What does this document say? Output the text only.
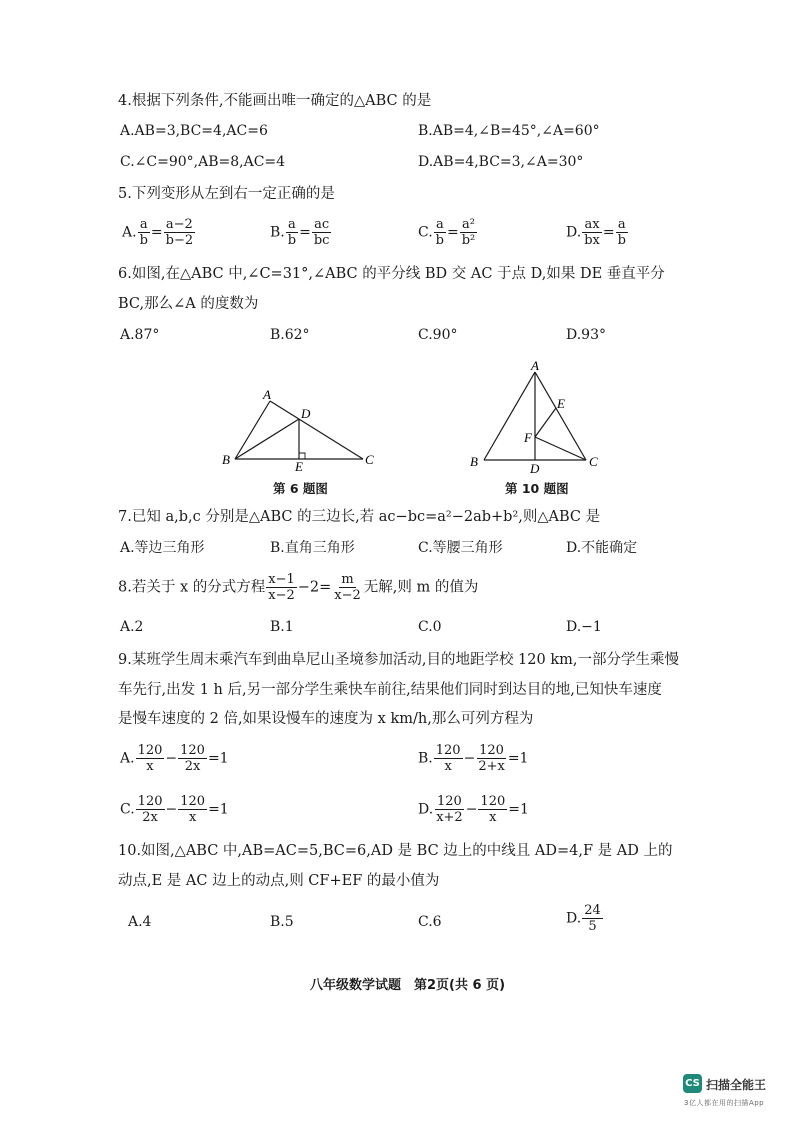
4.根据下列条件,不能画出唯一确定的△ABC 的是
A.AB=3,BC=4,AC=6	B.AB=4,∠B=45°,∠A=60°
C.∠C=90°,AB=8,AC=4	D.AB=4,BC=3,∠A=30°
5.下列变形从左到右一定正确的是
A. $\frac{a}{b} = \frac{a-2}{b-2}$	B. $\frac{a}{b} = \frac{ac}{bc}$	C. $\frac{a}{b} = \frac{\text{a²}}{\text{b²}}$	D. $\frac{ax}{bx} = \frac{a}{b}$
6.如图,在△ABC 中,∠C=31°,∠ABC 的平分线 BD 交 AC 于点 D,如果 DE 垂直平分
BC,那么∠A 的度数为
A.87°	B.62°	C.90°	D.93°
A
D
B	E	C
第 6 题图
A
E
F
B	D	C
第 10 题图
7.已知 a,b,c 分别是△ABC 的三边长,若 ac−bc=a²−2ab+b²,则△ABC 是
A.等边三角形	B.直角三角形	C.等腰三角形	D.不能确定
8.若关于 x 的分式方程 $\frac{x-1}{x-2} -2= \frac{m}{x-2}$ 无解,则 m 的值为
A.2	B.1	C.0	D.−1
9.某班学生周末乘汽车到曲阜尼山圣境参加活动,目的地距学校 120 km,一部分学生乘慢
车先行,出发 1 h 后,另一部分学生乘快车前往,结果他们同时到达目的地,已知快车速度
是慢车速度的 2 倍,如果设慢车的速度为 x km/h,那么可列方程为
A. $\frac{120}{x} - \frac{120}{2x} =1$	B. $\frac{120}{x} - \frac{120}{2+x} =1$
C. $\frac{120}{2x} - \frac{120}{x} =1$	D. $\frac{120}{x+2} - \frac{120}{x} =1$
10.如图,△ABC 中,AB=AC=5,BC=6,AD 是 BC 边上的中线且 AD=4,F 是 AD 上的
动点,E 是 AC 边上的动点,则 CF+EF 的最小值为
A.4	B.5	C.6	D. $\frac{24}{5}$
八年级数学试题　第2页(共 6 页)
CS 扫描全能王
3亿人都在用的扫描App
